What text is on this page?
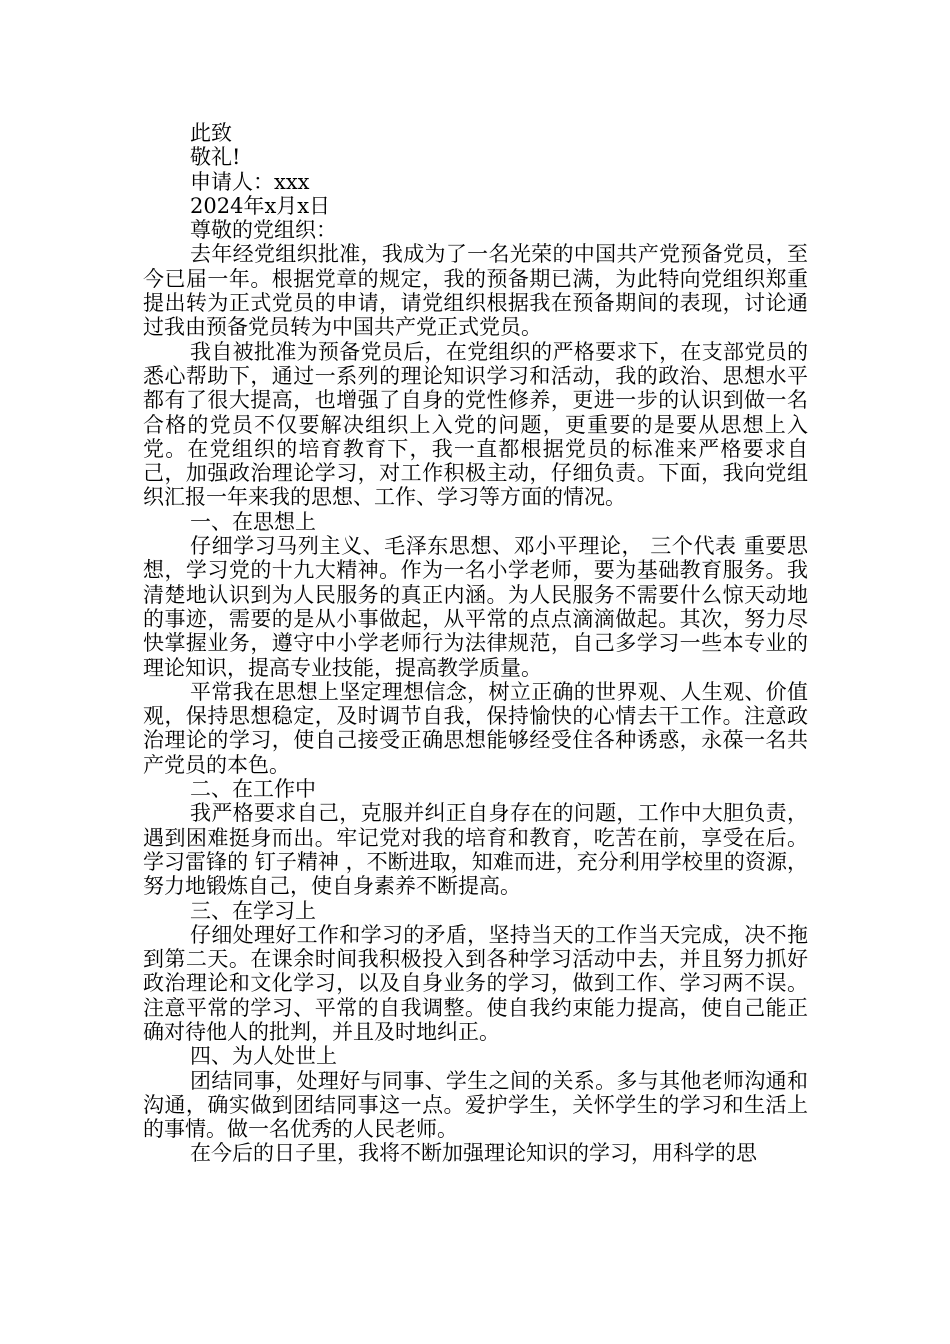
此致

敬礼!

申请人：xxx

2024年x月x日

尊敬的党组织：

去年经党组织批准，我成为了一名光荣的中国共产党预备党员，至今已届一年。根据党章的规定，我的预备期已满，为此特向党组织郑重提出转为正式党员的申请，请党组织根据我在预备期间的表现，讨论通过我由预备党员转为中国共产党正式党员。

我自被批准为预备党员后，在党组织的严格要求下，在支部党员的悉心帮助下，通过一系列的理论知识学习和活动，我的政治、思想水平都有了很大提高，也增强了自身的党性修养，更进一步的认识到做一名合格的党员不仅要解决组织上入党的问题，更重要的是要从思想上入党。在党组织的培育教育下，我一直都根据党员的标准来严格要求自己，加强政治理论学习，对工作积极主动，仔细负责。下面，我向党组织汇报一年来我的思想、工作、学习等方面的情况。

一、在思想上

仔细学习马列主义、毛泽东思想、邓小平理论， 三个代表 重要思想，学习党的十九大精神。作为一名小学老师，要为基础教育服务。我清楚地认识到为人民服务的真正内涵。为人民服务不需要什么惊天动地的事迹，需要的是从小事做起，从平常的点点滴滴做起。其次，努力尽快掌握业务，遵守中小学老师行为法律规范，自己多学习一些本专业的理论知识，提高专业技能，提高教学质量。

平常我在思想上坚定理想信念，树立正确的世界观、人生观、价值观，保持思想稳定，及时调节自我，保持愉快的心情去干工作。注意政治理论的学习，使自己接受正确思想能够经受住各种诱惑，永葆一名共产党员的本色。

二、在工作中

我严格要求自己，克服并纠正自身存在的问题，工作中大胆负责，遇到困难挺身而出。牢记党对我的培育和教育，吃苦在前，享受在后。学习雷锋的 钉子精神 ，不断进取，知难而进，充分利用学校里的资源，努力地锻炼自己，使自身素养不断提高。

三、在学习上

仔细处理好工作和学习的矛盾，坚持当天的工作当天完成，决不拖到第二天。在课余时间我积极投入到各种学习活动中去，并且努力抓好政治理论和文化学习，以及自身业务的学习，做到工作、学习两不误。注意平常的学习、平常的自我调整。使自我约束能力提高，使自己能正确对待他人的批判，并且及时地纠正。

四、为人处世上

团结同事，处理好与同事、学生之间的关系。多与其他老师沟通和沟通，确实做到团结同事这一点。爱护学生，关怀学生的学习和生活上的事情。做一名优秀的人民老师。

在今后的日子里，我将不断加强理论知识的学习，用科学的思
